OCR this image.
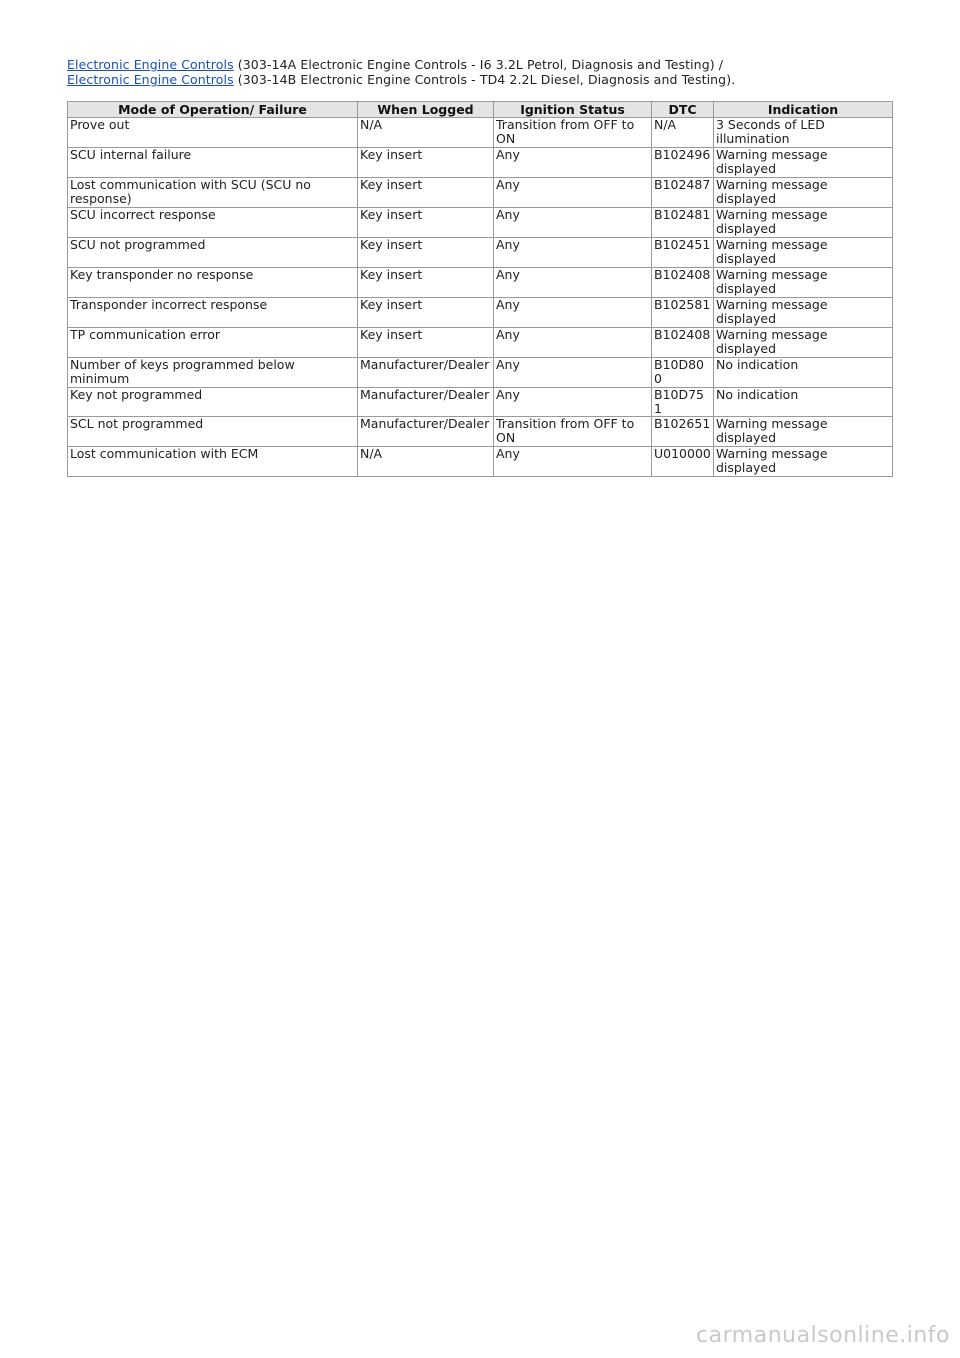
Electronic Engine Controls (303-14A Electronic Engine Controls - I6 3.2L Petrol, Diagnosis and Testing) /
Electronic Engine Controls (303-14B Electronic Engine Controls - TD4 2.2L Diesel, Diagnosis and Testing).
Mode of Operation/ Failure	When Logged	Ignition Status	DTC	Indication
Prove out	N/A	Transition from OFF to ON	N/A	3 Seconds of LED illumination
SCU internal failure	Key insert	Any	B102496	Warning message displayed
Lost communication with SCU (SCU no response)	Key insert	Any	B102487	Warning message displayed
SCU incorrect response	Key insert	Any	B102481	Warning message displayed
SCU not programmed	Key insert	Any	B102451	Warning message displayed
Key transponder no response	Key insert	Any	B102408	Warning message displayed
Transponder incorrect response	Key insert	Any	B102581	Warning message displayed
TP communication error	Key insert	Any	B102408	Warning message displayed
Number of keys programmed below minimum	Manufacturer/Dealer	Any	B10D800	No indication
Key not programmed	Manufacturer/Dealer	Any	B10D751	No indication
SCL not programmed	Manufacturer/Dealer	Transition from OFF to ON	B102651	Warning message displayed
Lost communication with ECM	N/A	Any	U010000	Warning message displayed
carmanualsonline.info
